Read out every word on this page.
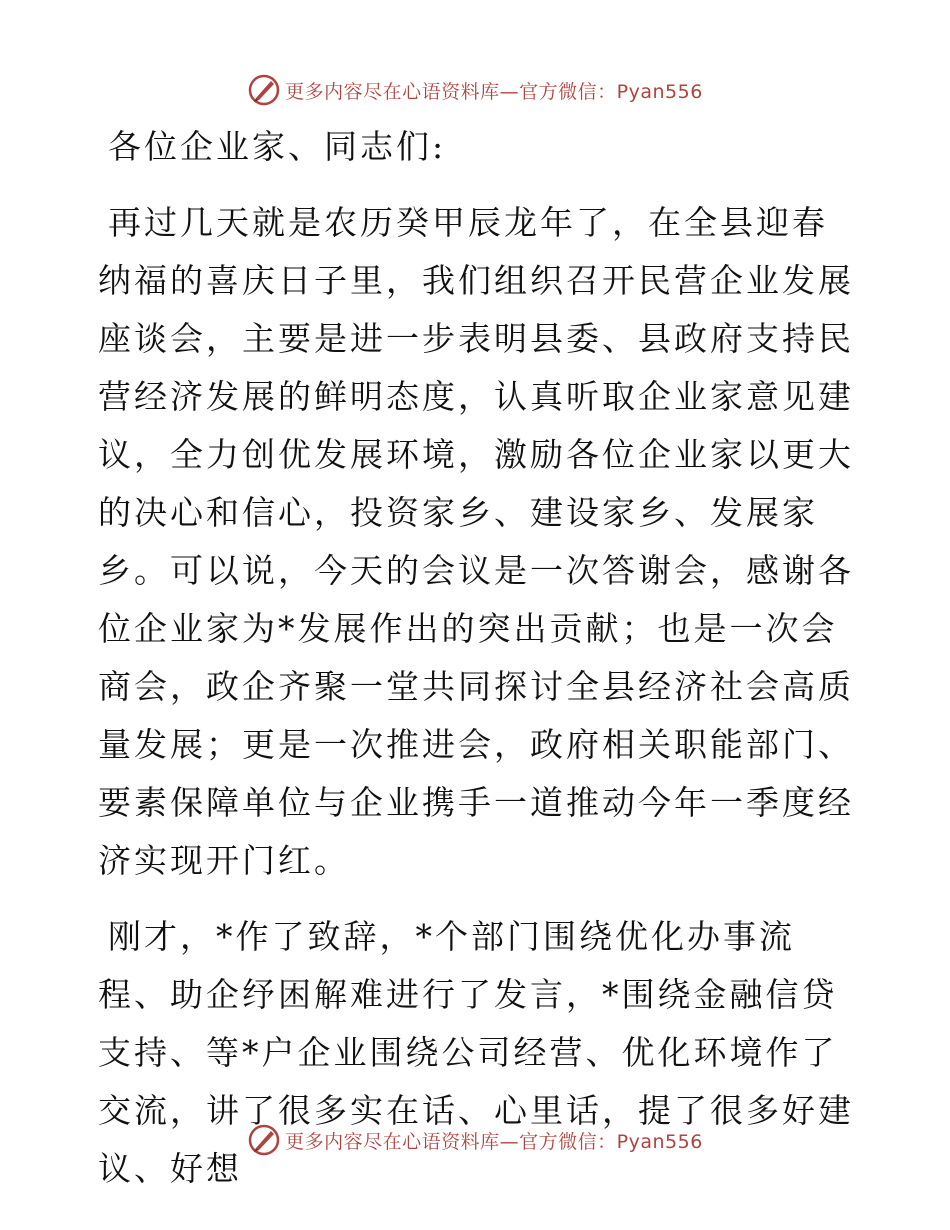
更多内容尽在心语资料库—官方微信：Pyan556

各位企业家、同志们:

再过几天就是农历癸甲辰龙年了，在全县迎春纳福的喜庆日子里，我们组织召开民营企业发展座谈会，主要是进一步表明县委、县政府支持民营经济发展的鲜明态度，认真听取企业家意见建议，全力创优发展环境，激励各位企业家以更大的决心和信心，投资家乡、建设家乡、发展家乡。可以说，今天的会议是一次答谢会，感谢各位企业家为*发展作出的突出贡献；也是一次会商会，政企齐聚一堂共同探讨全县经济社会高质量发展；更是一次推进会，政府相关职能部门、要素保障单位与企业携手一道推动今年一季度经济实现开门红。

刚才，*作了致辞，*个部门围绕优化办事流程、助企纾困解难进行了发言，*围绕金融信贷支持、等*户企业围绕公司经营、优化环境作了交流，讲了很多实在话、心里话，提了很多好建议、好想

更多内容尽在心语资料库—官方微信：Pyan556
